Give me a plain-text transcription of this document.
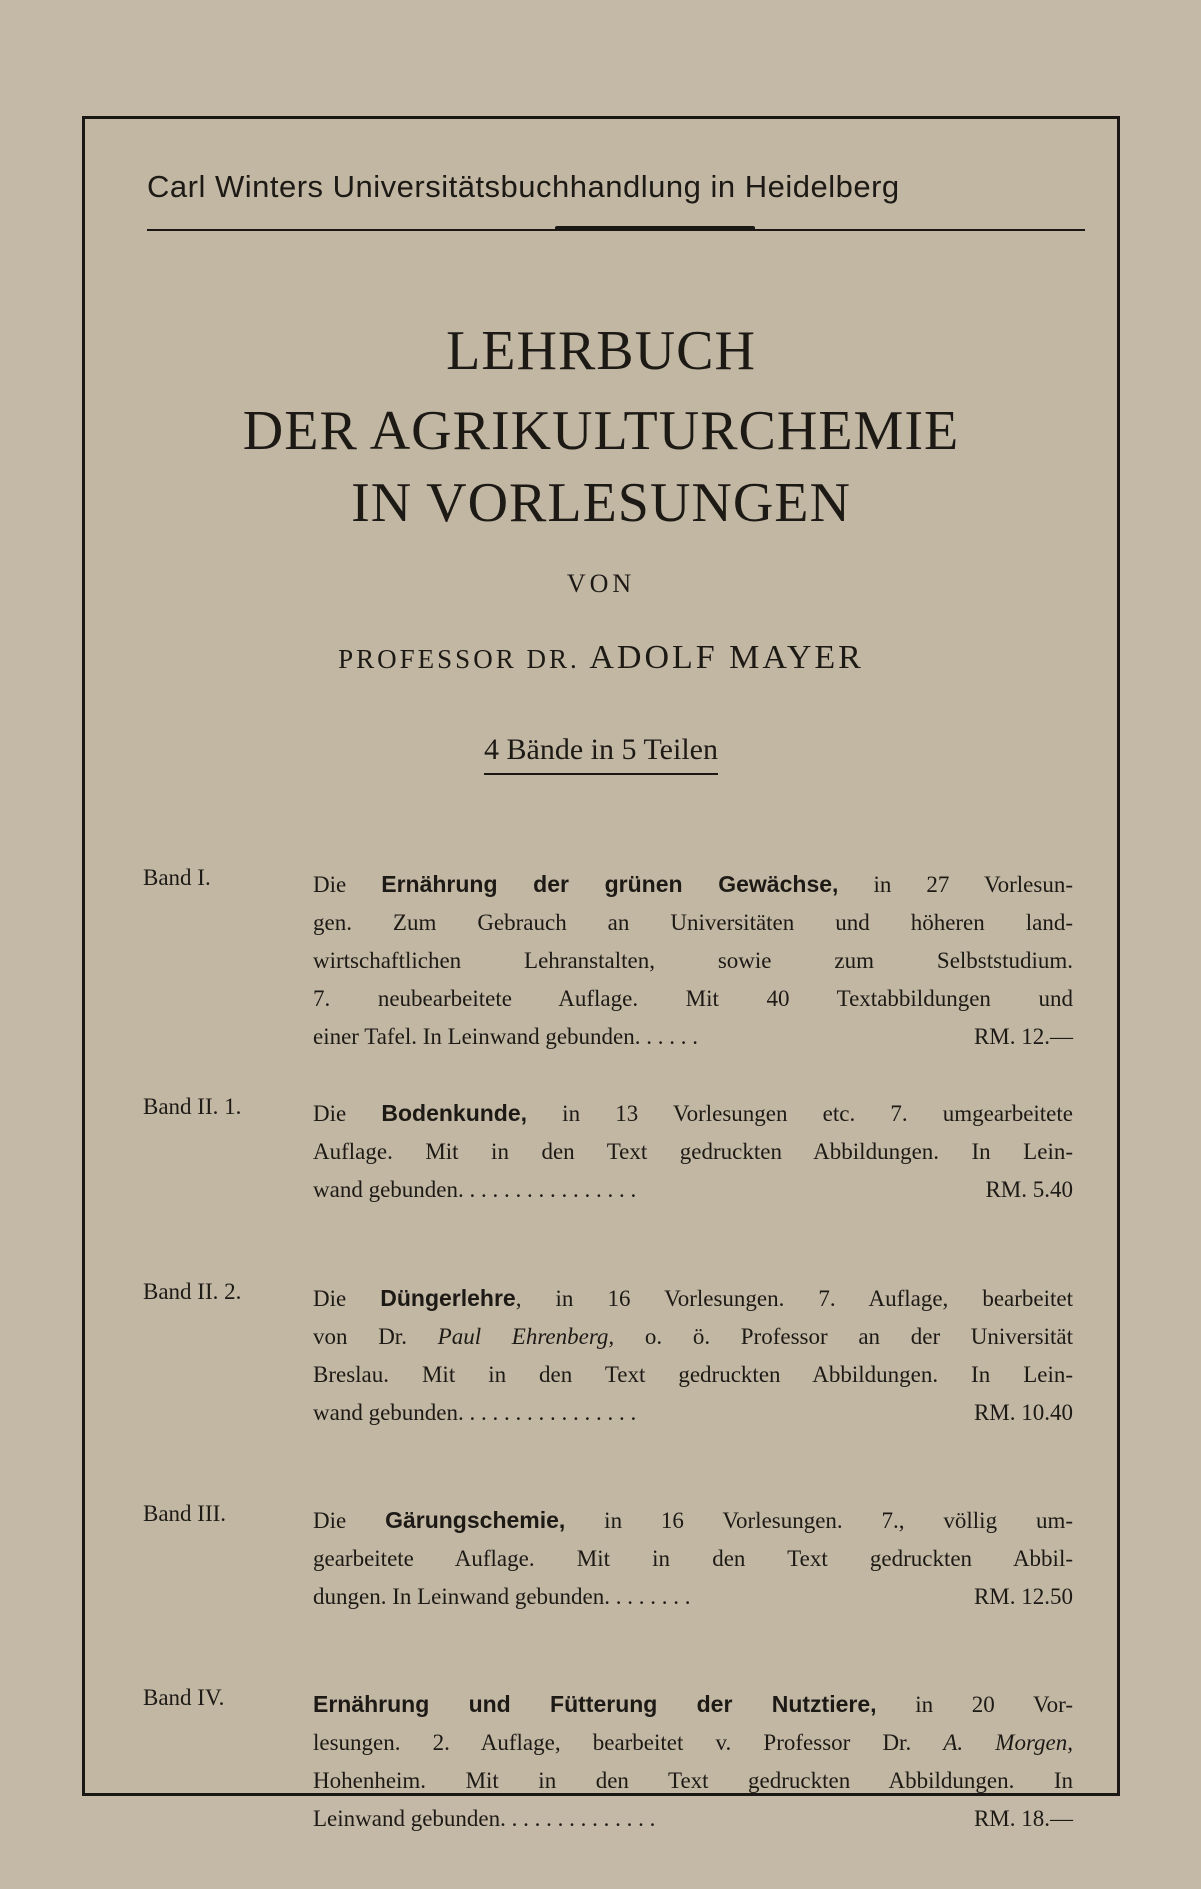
Carl Winters Universitätsbuchhandlung in Heidelberg
LEHRBUCH
DER AGRIKULTURCHEMIE
IN VORLESUNGEN
VON
PROFESSOR DR. ADOLF MAYER
4 Bände in 5 Teilen
Band I.	Die Ernährung der grünen Gewächse, in 27 Vorlesun-
gen. Zum Gebrauch an Universitäten und höheren land-
wirtschaftlichen Lehranstalten, sowie zum Selbststudium.
7. neubearbeitete Auflage. Mit 40 Textabbildungen und
einer Tafel. In Leinwand gebunden. . . . . .	RM. 12.—
Band II. 1.	Die Bodenkunde, in 13 Vorlesungen etc. 7. umgearbeitete
Auflage. Mit in den Text gedruckten Abbildungen. In Lein-
wand gebunden. . . . . . . . . . . . . . . .	RM. 5.40
Band II. 2.	Die Düngerlehre, in 16 Vorlesungen. 7. Auflage, bearbeitet
von Dr. Paul Ehrenberg, o. ö. Professor an der Universität
Breslau. Mit in den Text gedruckten Abbildungen. In Lein-
wand gebunden. . . . . . . . . . . . . . . .	RM. 10.40
Band III.	Die Gärungschemie, in 16 Vorlesungen. 7., völlig um-
gearbeitete Auflage. Mit in den Text gedruckten Abbil-
dungen. In Leinwand gebunden. . . . . . . .	RM. 12.50
Band IV.	Ernährung und Fütterung der Nutztiere, in 20 Vor-
lesungen. 2. Auflage, bearbeitet v. Professor Dr. A. Morgen,
Hohenheim. Mit in den Text gedruckten Abbildungen. In
Leinwand gebunden. . . . . . . . . . . . . .	RM. 18.—
